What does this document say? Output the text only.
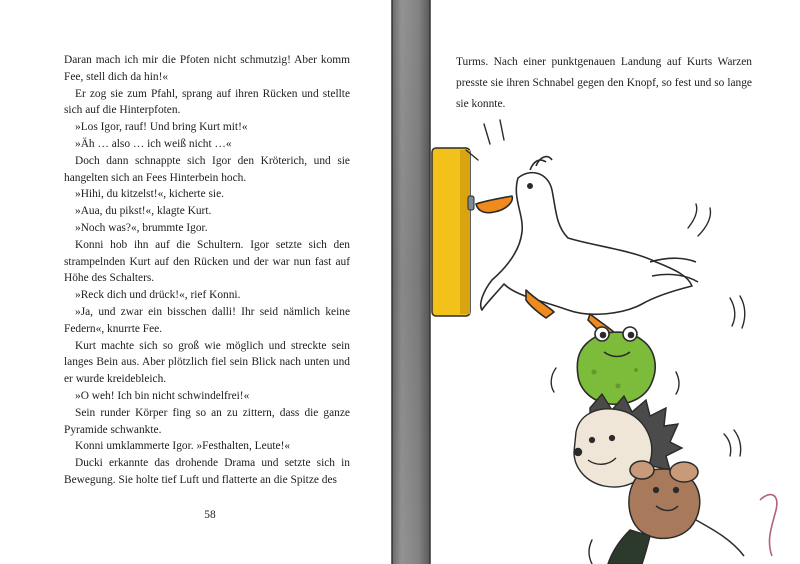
Daran mach ich mir die Pfoten nicht schmutzig! Aber komm Fee, stell dich da hin!«

Er zog sie zum Pfahl, sprang auf ihren Rücken und stellte sich auf die Hinterpfoten.

»Los Igor, rauf! Und bring Kurt mit!«

»Äh … also … ich weiß nicht …«

Doch dann schnappte sich Igor den Kröterich, und sie hangelten sich an Fees Hinterbein hoch.

»Hihi, du kitzelst!«, kicherte sie.

»Aua, du pikst!«, klagte Kurt.

»Noch was?«, brummte Igor.

Konni hob ihn auf die Schultern. Igor setzte sich den strampelnden Kurt auf den Rücken und der war nun fast auf Höhe des Schalters.

»Reck dich und drück!«, rief Konni.

»Ja, und zwar ein bisschen dalli! Ihr seid nämlich keine Federn«, knurrte Fee.

Kurt machte sich so groß wie möglich und streckte sein langes Bein aus. Aber plötzlich fiel sein Blick nach unten und er wurde kreidebleich.

»O weh! Ich bin nicht schwindelfrei!«

Sein runder Körper fing so an zu zittern, dass die ganze Pyramide schwankte.

Konni umklammerte Igor. »Festhalten, Leute!«

Ducki erkannte das drohende Drama und setzte sich in Bewegung. Sie holte tief Luft und flatterte an die Spitze des

58

Turms. Nach einer punktgenauen Landung auf Kurts Warzen presste sie ihren Schnabel gegen den Knopf, so fest und so lange sie konnte.
